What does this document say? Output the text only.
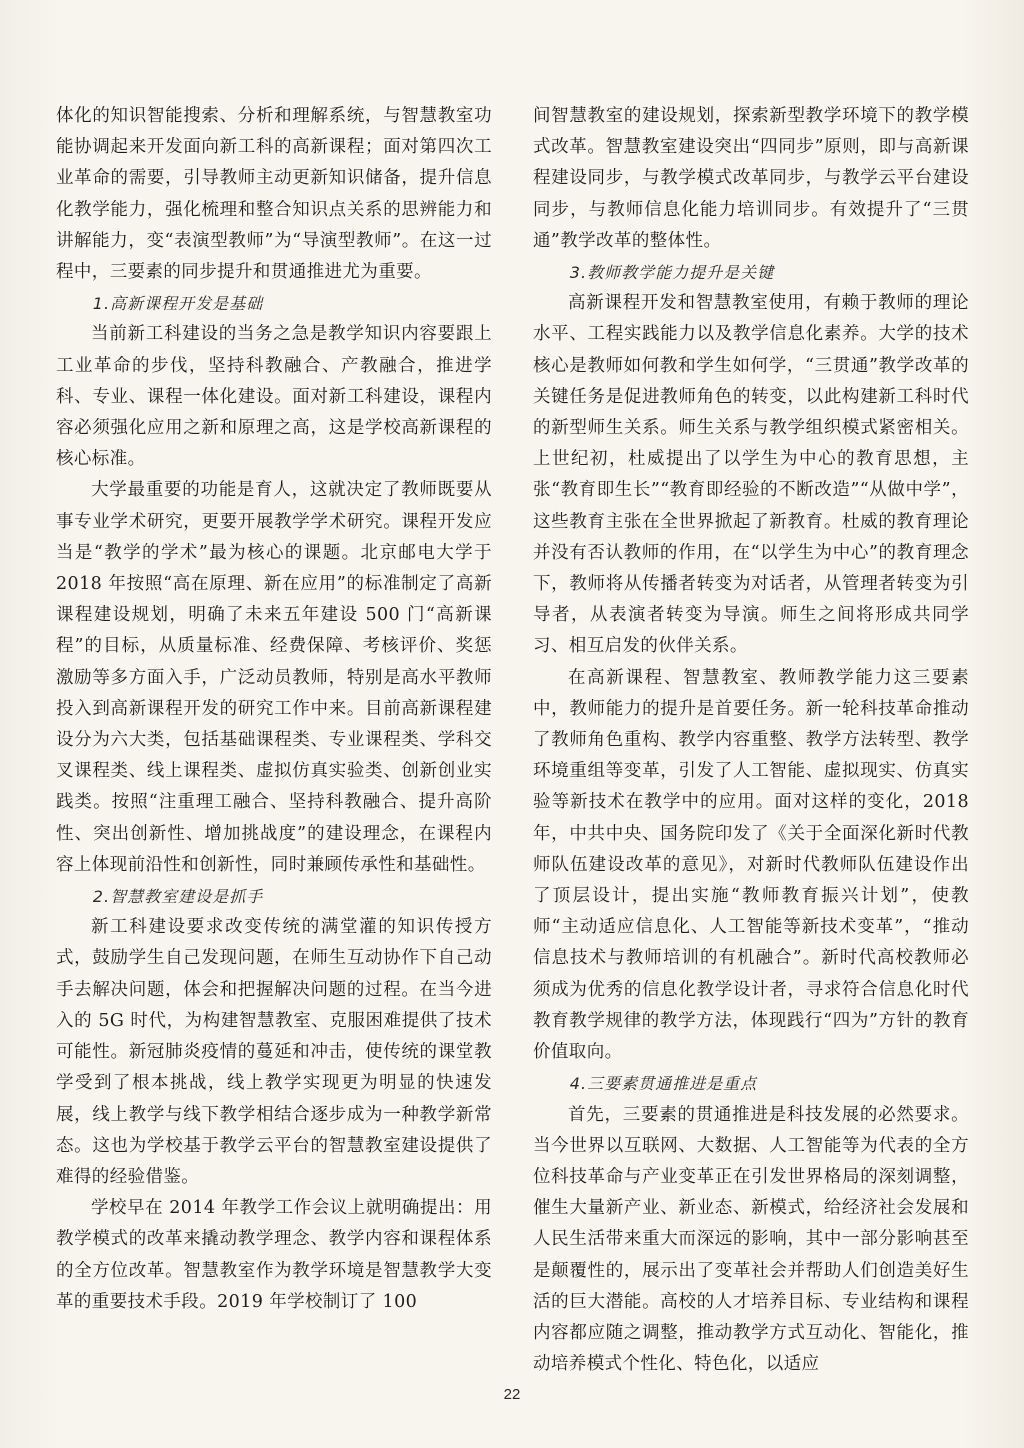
体化的知识智能搜索、分析和理解系统，与智慧教室功能协调起来开发面向新工科的高新课程；面对第四次工业革命的需要，引导教师主动更新知识储备，提升信息化教学能力，强化梳理和整合知识点关系的思辨能力和讲解能力，变“表演型教师”为“导演型教师”。在这一过程中，三要素的同步提升和贯通推进尤为重要。

1.高新课程开发是基础

当前新工科建设的当务之急是教学知识内容要跟上工业革命的步伐，坚持科教融合、产教融合，推进学科、专业、课程一体化建设。面对新工科建设，课程内容必须强化应用之新和原理之高，这是学校高新课程的核心标准。

大学最重要的功能是育人，这就决定了教师既要从事专业学术研究，更要开展教学学术研究。课程开发应当是“教学的学术”最为核心的课题。北京邮电大学于 2018 年按照“高在原理、新在应用”的标准制定了高新课程建设规划，明确了未来五年建设 500 门“高新课程”的目标，从质量标准、经费保障、考核评价、奖惩激励等多方面入手，广泛动员教师，特别是高水平教师投入到高新课程开发的研究工作中来。目前高新课程建设分为六大类，包括基础课程类、专业课程类、学科交叉课程类、线上课程类、虚拟仿真实验类、创新创业实践类。按照“注重理工融合、坚持科教融合、提升高阶性、突出创新性、增加挑战度”的建设理念，在课程内容上体现前沿性和创新性，同时兼顾传承性和基础性。

2.智慧教室建设是抓手

新工科建设要求改变传统的满堂灌的知识传授方式，鼓励学生自己发现问题，在师生互动协作下自己动手去解决问题，体会和把握解决问题的过程。在当今进入的 5G 时代，为构建智慧教室、克服困难提供了技术可能性。新冠肺炎疫情的蔓延和冲击，使传统的课堂教学受到了根本挑战，线上教学实现更为明显的快速发展，线上教学与线下教学相结合逐步成为一种教学新常态。这也为学校基于教学云平台的智慧教室建设提供了难得的经验借鉴。

学校早在 2014 年教学工作会议上就明确提出：用教学模式的改革来撬动教学理念、教学内容和课程体系的全方位改革。智慧教室作为教学环境是智慧教学大变革的重要技术手段。2019 年学校制订了 100

间智慧教室的建设规划，探索新型教学环境下的教学模式改革。智慧教室建设突出“四同步”原则，即与高新课程建设同步，与教学模式改革同步，与教学云平台建设同步，与教师信息化能力培训同步。有效提升了“三贯通”教学改革的整体性。

3.教师教学能力提升是关键

高新课程开发和智慧教室使用，有赖于教师的理论水平、工程实践能力以及教学信息化素养。大学的技术核心是教师如何教和学生如何学，“三贯通”教学改革的关键任务是促进教师角色的转变，以此构建新工科时代的新型师生关系。师生关系与教学组织模式紧密相关。上世纪初，杜威提出了以学生为中心的教育思想，主张“教育即生长”“教育即经验的不断改造”“从做中学”，这些教育主张在全世界掀起了新教育。杜威的教育理论并没有否认教师的作用，在“以学生为中心”的教育理念下，教师将从传播者转变为对话者，从管理者转变为引导者，从表演者转变为导演。师生之间将形成共同学习、相互启发的伙伴关系。

在高新课程、智慧教室、教师教学能力这三要素中，教师能力的提升是首要任务。新一轮科技革命推动了教师角色重构、教学内容重整、教学方法转型、教学环境重组等变革，引发了人工智能、虚拟现实、仿真实验等新技术在教学中的应用。面对这样的变化，2018 年，中共中央、国务院印发了《关于全面深化新时代教师队伍建设改革的意见》，对新时代教师队伍建设作出了顶层设计，提出实施“教师教育振兴计划”，使教师“主动适应信息化、人工智能等新技术变革”，“推动信息技术与教师培训的有机融合”。新时代高校教师必须成为优秀的信息化教学设计者，寻求符合信息化时代教育教学规律的教学方法，体现践行“四为”方针的教育价值取向。

4.三要素贯通推进是重点

首先，三要素的贯通推进是科技发展的必然要求。当今世界以互联网、大数据、人工智能等为代表的全方位科技革命与产业变革正在引发世界格局的深刻调整，催生大量新产业、新业态、新模式，给经济社会发展和人民生活带来重大而深远的影响，其中一部分影响甚至是颠覆性的，展示出了变革社会并帮助人们创造美好生活的巨大潜能。高校的人才培养目标、专业结构和课程内容都应随之调整，推动教学方式互动化、智能化，推动培养模式个性化、特色化，以适应

22
